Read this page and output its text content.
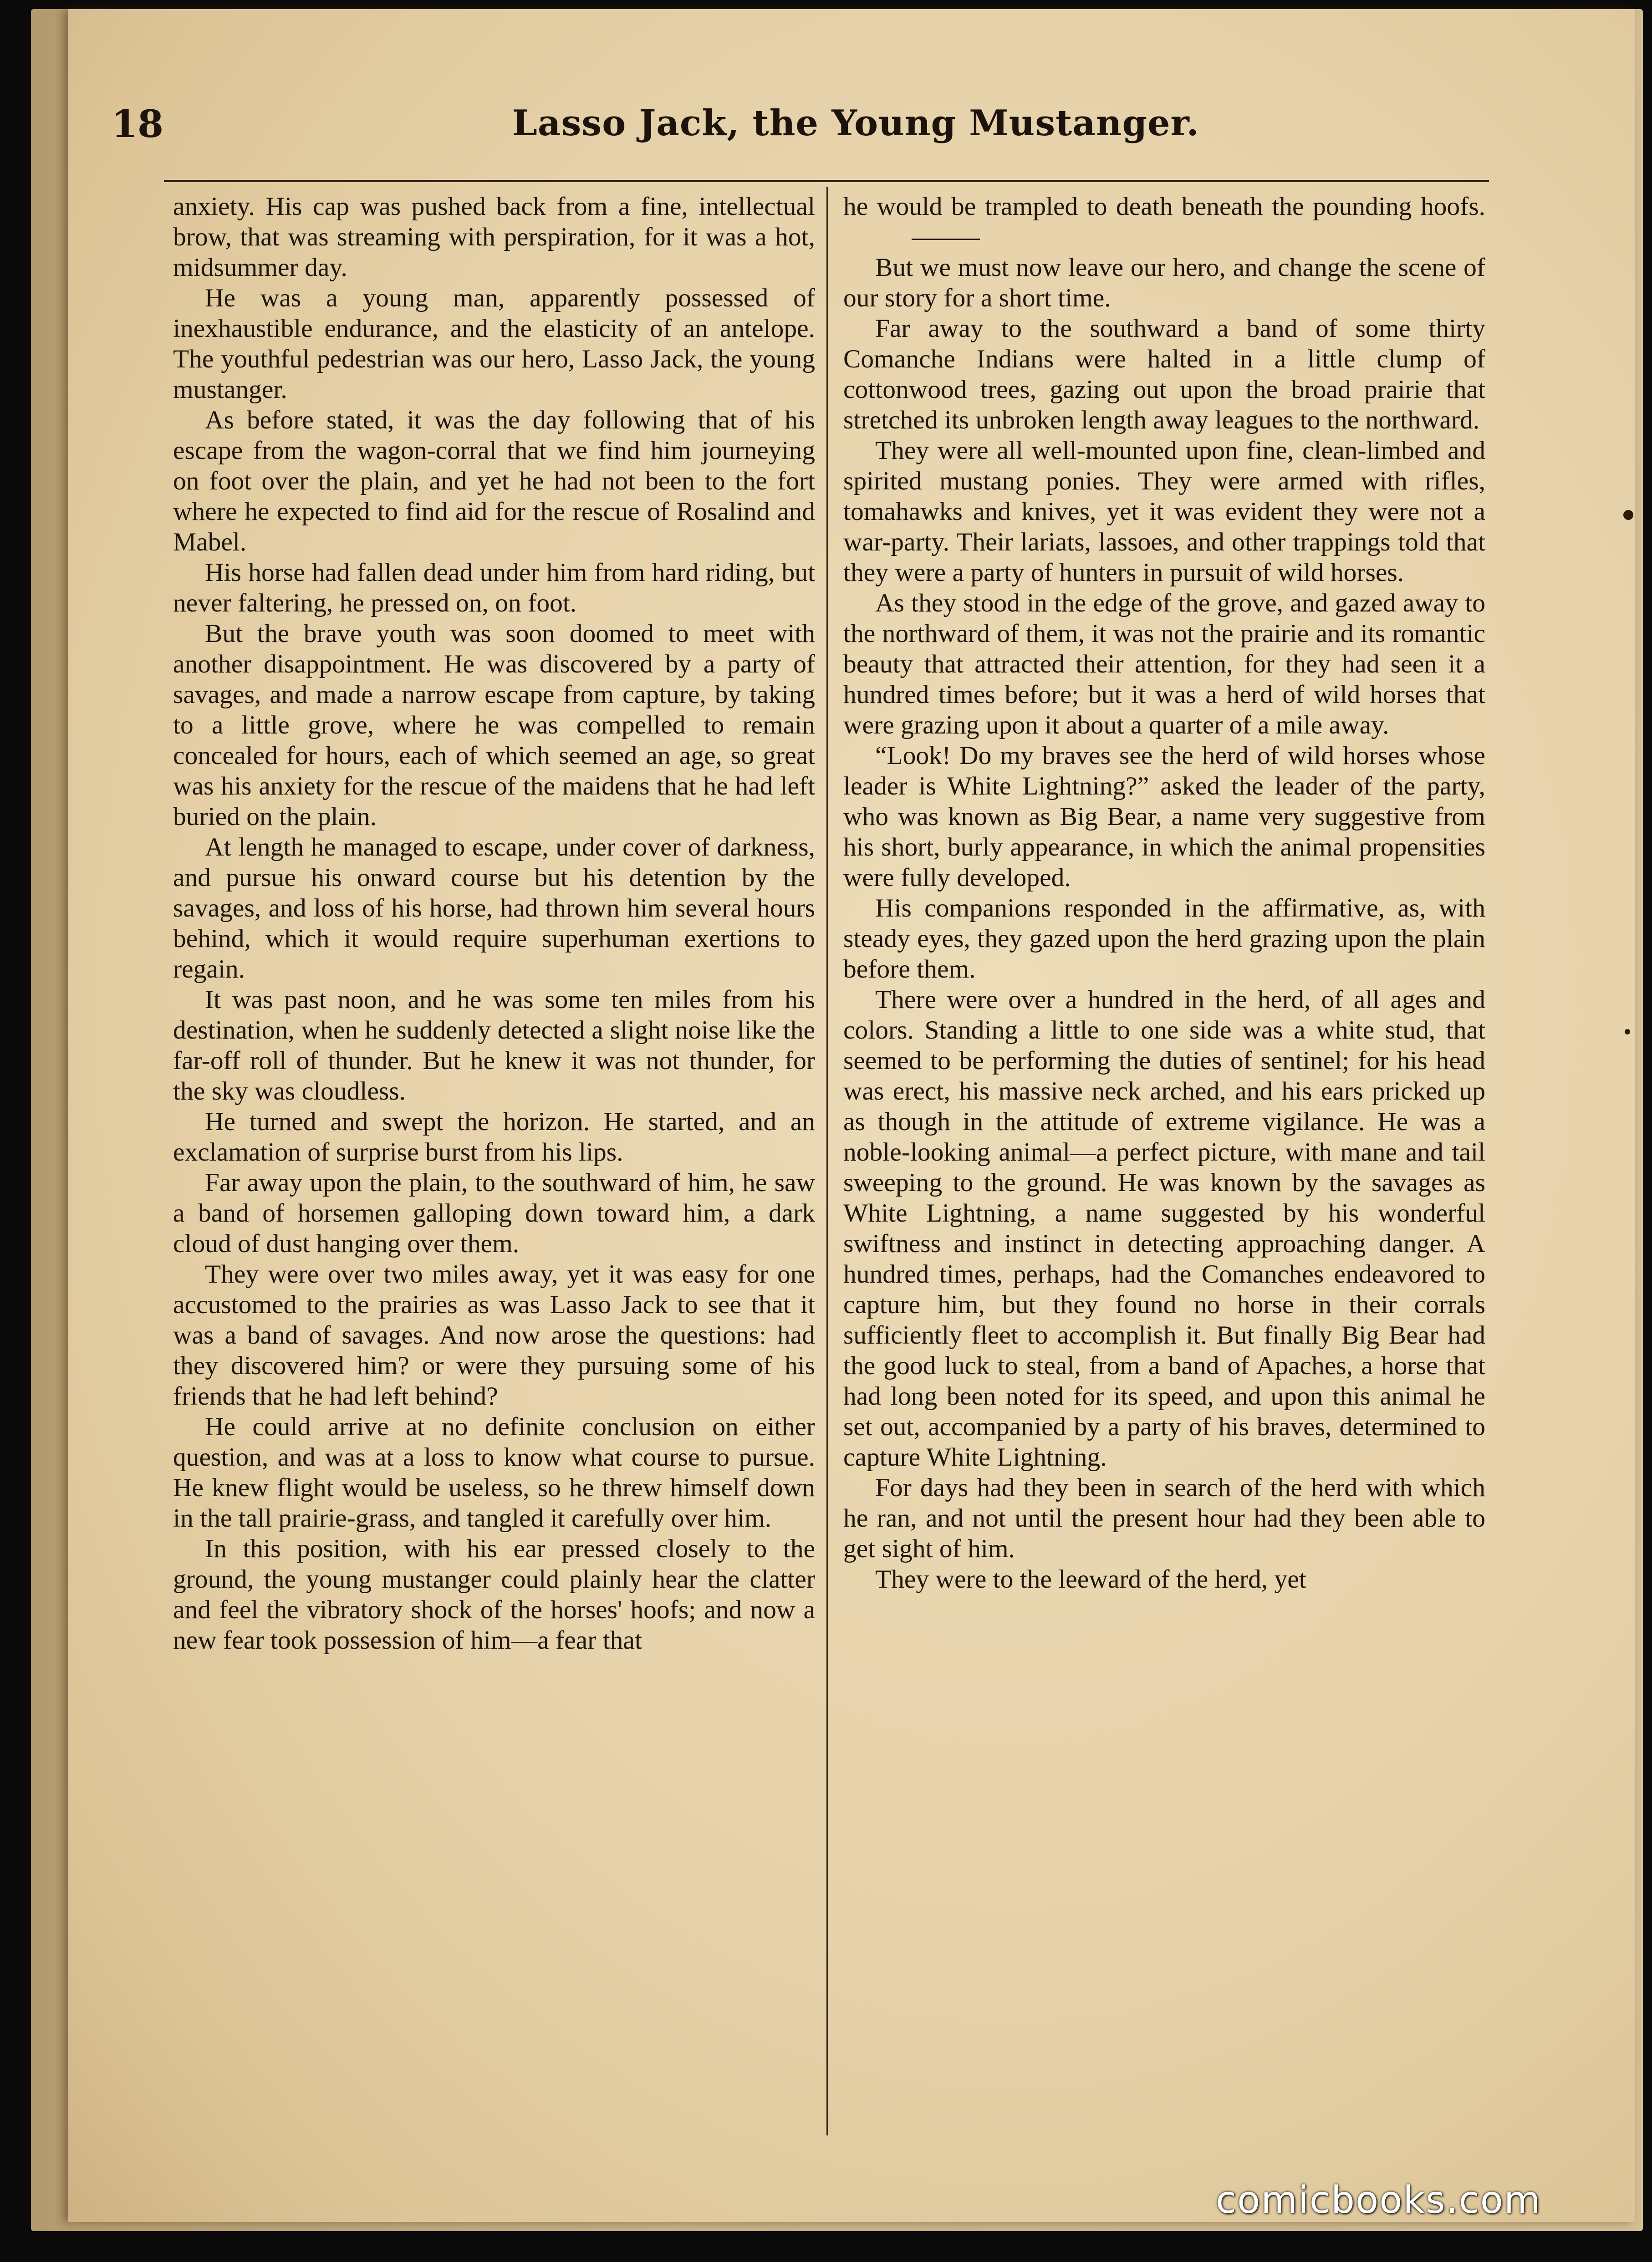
18	Lasso Jack, the Young Mustanger.

anxiety. His cap was pushed back from a fine, intellectual brow, that was streaming with perspiration, for it was a hot, midsummer day.

He was a young man, apparently possessed of inexhaustible endurance, and the elasticity of an antelope. The youthful pedestrian was our hero, Lasso Jack, the young mustanger.

As before stated, it was the day following that of his escape from the wagon-corral that we find him journeying on foot over the plain, and yet he had not been to the fort where he expected to find aid for the rescue of Rosalind and Mabel.

His horse had fallen dead under him from hard riding, but never faltering, he pressed on, on foot.

But the brave youth was soon doomed to meet with another disappointment. He was discovered by a party of savages, and made a narrow escape from capture, by taking to a little grove, where he was compelled to remain concealed for hours, each of which seemed an age, so great was his anxiety for the rescue of the maidens that he had left buried on the plain.

At length he managed to escape, under cover of darkness, and pursue his onward course but his detention by the savages, and loss of his horse, had thrown him several hours behind, which it would require superhuman exertions to regain.

It was past noon, and he was some ten miles from his destination, when he suddenly detected a slight noise like the far-off roll of thunder. But he knew it was not thunder, for the sky was cloudless.

He turned and swept the horizon. He started, and an exclamation of surprise burst from his lips.

Far away upon the plain, to the southward of him, he saw a band of horsemen galloping down toward him, a dark cloud of dust hanging over them.

They were over two miles away, yet it was easy for one accustomed to the prairies as was Lasso Jack to see that it was a band of savages. And now arose the questions: had they discovered him? or were they pursuing some of his friends that he had left behind?

He could arrive at no definite conclusion on either question, and was at a loss to know what course to pursue. He knew flight would be useless, so he threw himself down in the tall prairie-grass, and tangled it carefully over him.

In this position, with his ear pressed closely to the ground, the young mustanger could plainly hear the clatter and feel the vibratory shock of the horses' hoofs; and now a new fear took possession of him—a fear that

he would be trampled to death beneath the pounding hoofs.

But we must now leave our hero, and change the scene of our story for a short time.

Far away to the southward a band of some thirty Comanche Indians were halted in a little clump of cottonwood trees, gazing out upon the broad prairie that stretched its unbroken length away leagues to the northward.

They were all well-mounted upon fine, clean-limbed and spirited mustang ponies. They were armed with rifles, tomahawks and knives, yet it was evident they were not a war-party. Their lariats, lassoes, and other trappings told that they were a party of hunters in pursuit of wild horses.

As they stood in the edge of the grove, and gazed away to the northward of them, it was not the prairie and its romantic beauty that attracted their attention, for they had seen it a hundred times before; but it was a herd of wild horses that were grazing upon it about a quarter of a mile away.

“Look! Do my braves see the herd of wild horses whose leader is White Lightning?” asked the leader of the party, who was known as Big Bear, a name very suggestive from his short, burly appearance, in which the animal propensities were fully developed.

His companions responded in the affirmative, as, with steady eyes, they gazed upon the herd grazing upon the plain before them.

There were over a hundred in the herd, of all ages and colors. Standing a little to one side was a white stud, that seemed to be performing the duties of sentinel; for his head was erect, his massive neck arched, and his ears pricked up as though in the attitude of extreme vigilance. He was a noble-looking animal—a perfect picture, with mane and tail sweeping to the ground. He was known by the savages as White Lightning, a name suggested by his wonderful swiftness and instinct in detecting approaching danger. A hundred times, perhaps, had the Comanches endeavored to capture him, but they found no horse in their corrals sufficiently fleet to accomplish it. But finally Big Bear had the good luck to steal, from a band of Apaches, a horse that had long been noted for its speed, and upon this animal he set out, accompanied by a party of his braves, determined to capture White Lightning.

For days had they been in search of the herd with which he ran, and not until the present hour had they been able to get sight of him.

They were to the leeward of the herd, yet

comicbooks.com
